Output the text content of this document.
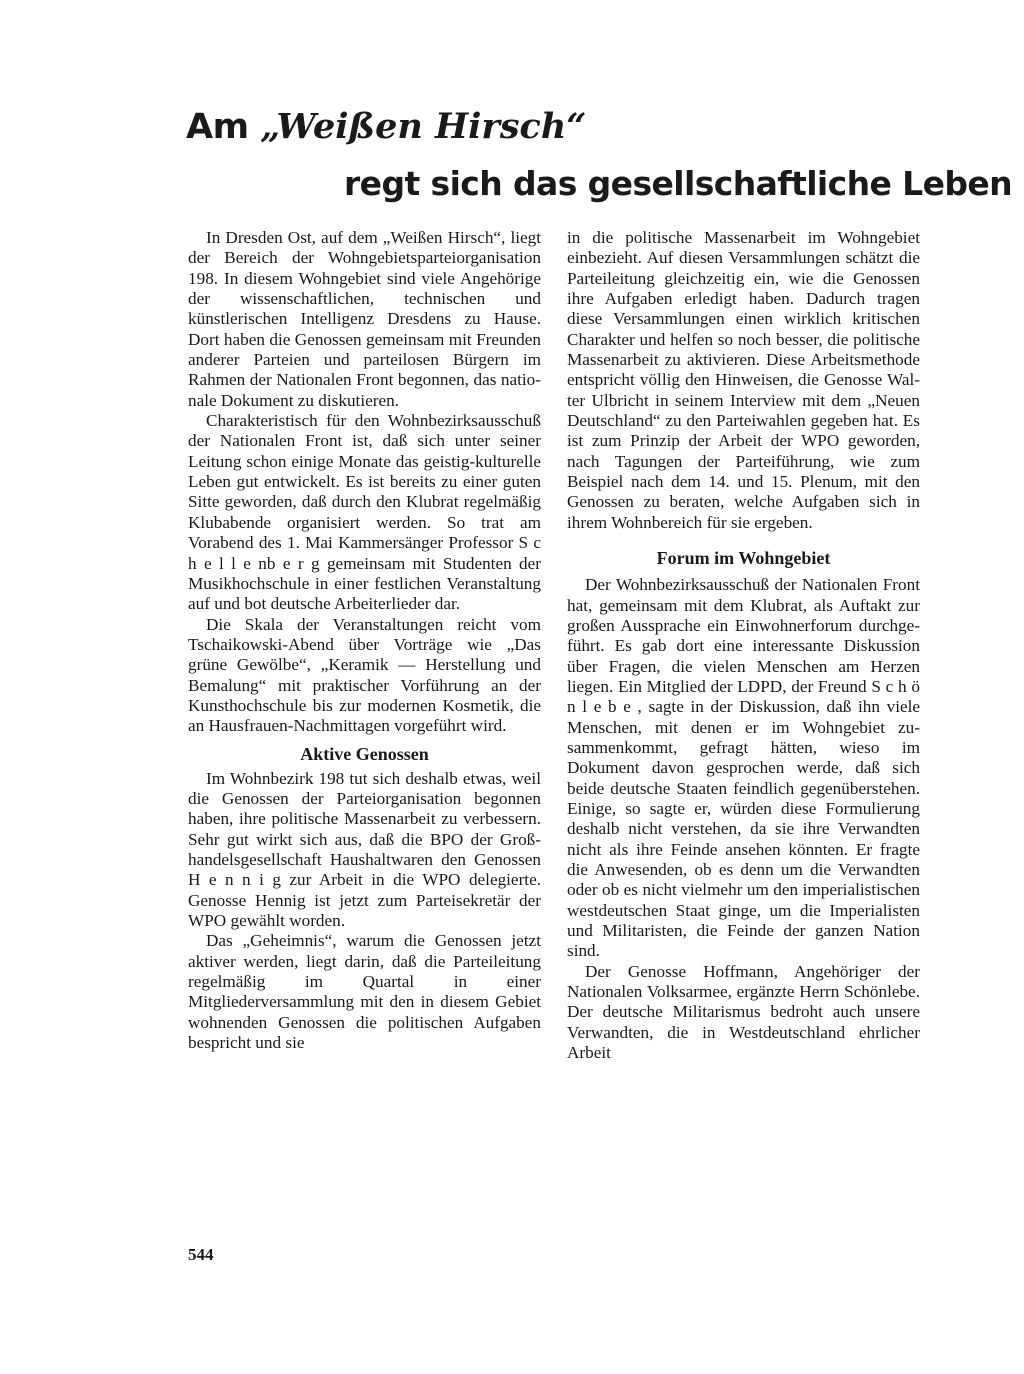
Am „Weißen Hirsch“
regt sich das gesellschaftliche Leben

In Dresden Ost, auf dem „Weißen Hirsch“, liegt der Bereich der Wohngebietsparteiorganisation 198. In diesem Wohngebiet sind viele Angehörige der wissenschaftlichen, technischen und künstlerischen Intelligenz Dresdens zu Hause. Dort haben die Genossen gemeinsam mit Freunden anderer Parteien und parteilosen Bürgern im Rahmen der Nationalen Front begonnen, das nationale Dokument zu diskutieren.

Charakteristisch für den Wohnbezirksausschuß der Nationalen Front ist, daß sich unter seiner Leitung schon einige Monate das geistig-kulturelle Leben gut entwickelt. Es ist bereits zu einer guten Sitte geworden, daß durch den Klubrat regelmäßig Klubabende organisiert werden. So trat am Vorabend des 1. Mai Kammersänger Professor S c h e l l e nb e r g gemeinsam mit Studenten der Musikhochschule in einer festlichen Veranstaltung auf und bot deutsche Arbeiterlieder dar.

Die Skala der Veranstaltungen reicht vom Tschaikowski-Abend über Vorträge wie „Das grüne Gewölbe“, „Keramik — Herstellung und Bemalung“ mit praktischer Vorführung an der Kunsthochschule bis zur modernen Kosmetik, die an Hausfrauen-Nachmittagen vorgeführt wird.

Aktive Genossen

Im Wohnbezirk 198 tut sich deshalb etwas, weil die Genossen der Parteiorganisation begonnen haben, ihre politische Massenarbeit zu verbessern. Sehr gut wirkt sich aus, daß die BPO der Großhandelsgesellschaft Haushaltwaren den Genossen H e n n i g zur Arbeit in die WPO delegierte. Genosse Hennig ist jetzt zum Parteisekretär der WPO gewählt worden.

Das „Geheimnis“, warum die Genossen jetzt aktiver werden, liegt darin, daß die Parteileitung regelmäßig im Quartal in einer Mitgliederversammlung mit den in diesem Gebiet wohnenden Genossen die politischen Aufgaben bespricht und sie

in die politische Massenarbeit im Wohngebiet einbezieht. Auf diesen Versammlungen schätzt die Parteileitung gleichzeitig ein, wie die Genossen ihre Aufgaben erledigt haben. Dadurch tragen diese Versammlungen einen wirklich kritischen Charakter und helfen so noch besser, die politische Massenarbeit zu aktivieren. Diese Arbeitsmethode entspricht völlig den Hinweisen, die Genosse Walter Ulbricht in seinem Interview mit dem „Neuen Deutschland“ zu den Parteiwahlen gegeben hat. Es ist zum Prinzip der Arbeit der WPO geworden, nach Tagungen der Parteiführung, wie zum Beispiel nach dem 14. und 15. Plenum, mit den Genossen zu beraten, welche Aufgaben sich in ihrem Wohnbereich für sie ergeben.

Forum im Wohngebiet

Der Wohnbezirksausschuß der Nationalen Front hat, gemeinsam mit dem Klubrat, als Auftakt zur großen Aussprache ein Einwohnerforum durchgeführt. Es gab dort eine interessante Diskussion über Fragen, die vielen Menschen am Herzen liegen. Ein Mitglied der LDPD, der Freund S c h ö n l e b e , sagte in der Diskussion, daß ihn viele Menschen, mit denen er im Wohngebiet zusammenkommt, gefragt hätten, wieso im Dokument davon gesprochen werde, daß sich beide deutsche Staaten feindlich gegenüberstehen. Einige, so sagte er, würden diese Formulierung deshalb nicht verstehen, da sie ihre Verwandten nicht als ihre Feinde ansehen könnten. Er fragte die Anwesenden, ob es denn um die Verwandten oder ob es nicht vielmehr um den imperialistischen westdeutschen Staat ginge, um die Imperialisten und Militaristen, die Feinde der ganzen Nation sind.

Der Genosse Hoffmann, Angehöriger der Nationalen Volksarmee, ergänzte Herrn Schönlebe. Der deutsche Militarismus bedroht auch unsere Verwandten, die in Westdeutschland ehrlicher Arbeit

544
